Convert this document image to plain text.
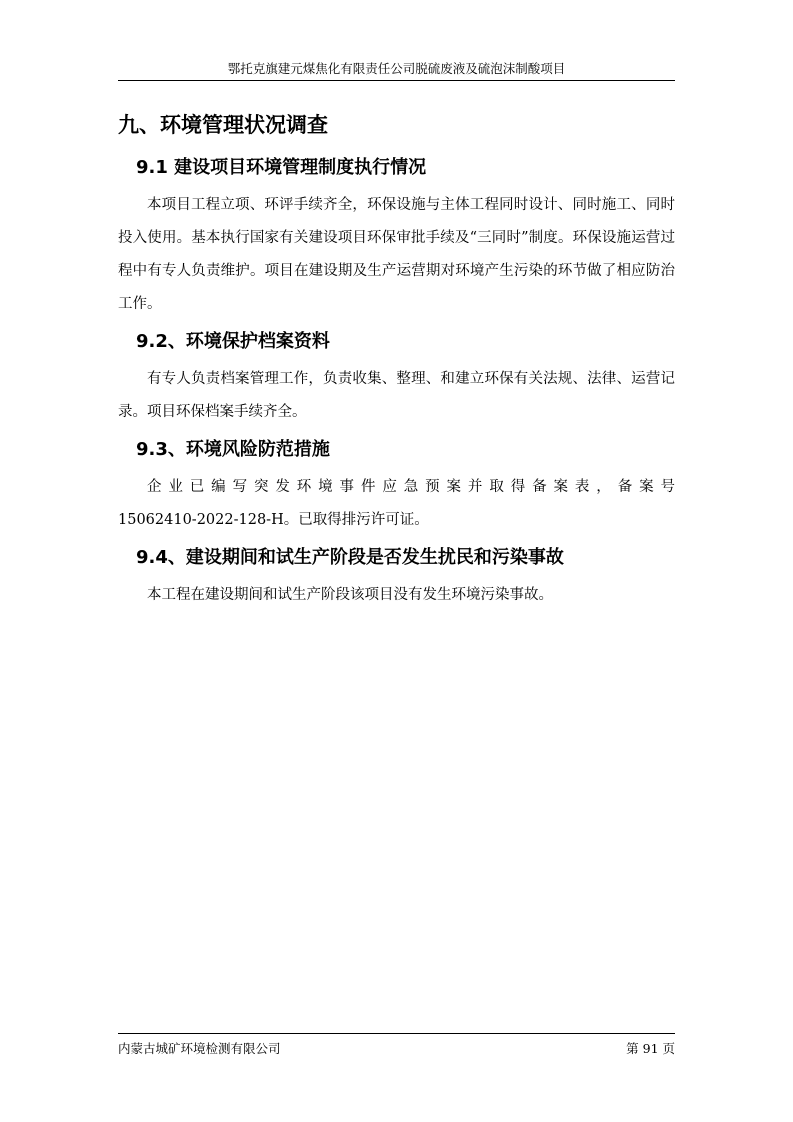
鄂托克旗建元煤焦化有限责任公司脱硫废液及硫泡沫制酸项目
九、环境管理状况调查
9.1 建设项目环境管理制度执行情况

本项目工程立项、环评手续齐全，环保设施与主体工程同时设计、同时施工、同时投入使用。基本执行国家有关建设项目环保审批手续及“三同时”制度。环保设施运营过程中有专人负责维护。项目在建设期及生产运营期对环境产生污染的环节做了相应防治工作。

9.2、环境保护档案资料

有专人负责档案管理工作，负责收集、整理、和建立环保有关法规、法律、运营记录。项目环保档案手续齐全。

9.3、环境风险防范措施

企业已编写突发环境事件应急预案并取得备案表，备案号

15062410-2022-128-H。已取得排污许可证。

9.4、建设期间和试生产阶段是否发生扰民和污染事故

本工程在建设期间和试生产阶段该项目没有发生环境污染事故。

内蒙古城矿环境检测有限公司	第 91 页
